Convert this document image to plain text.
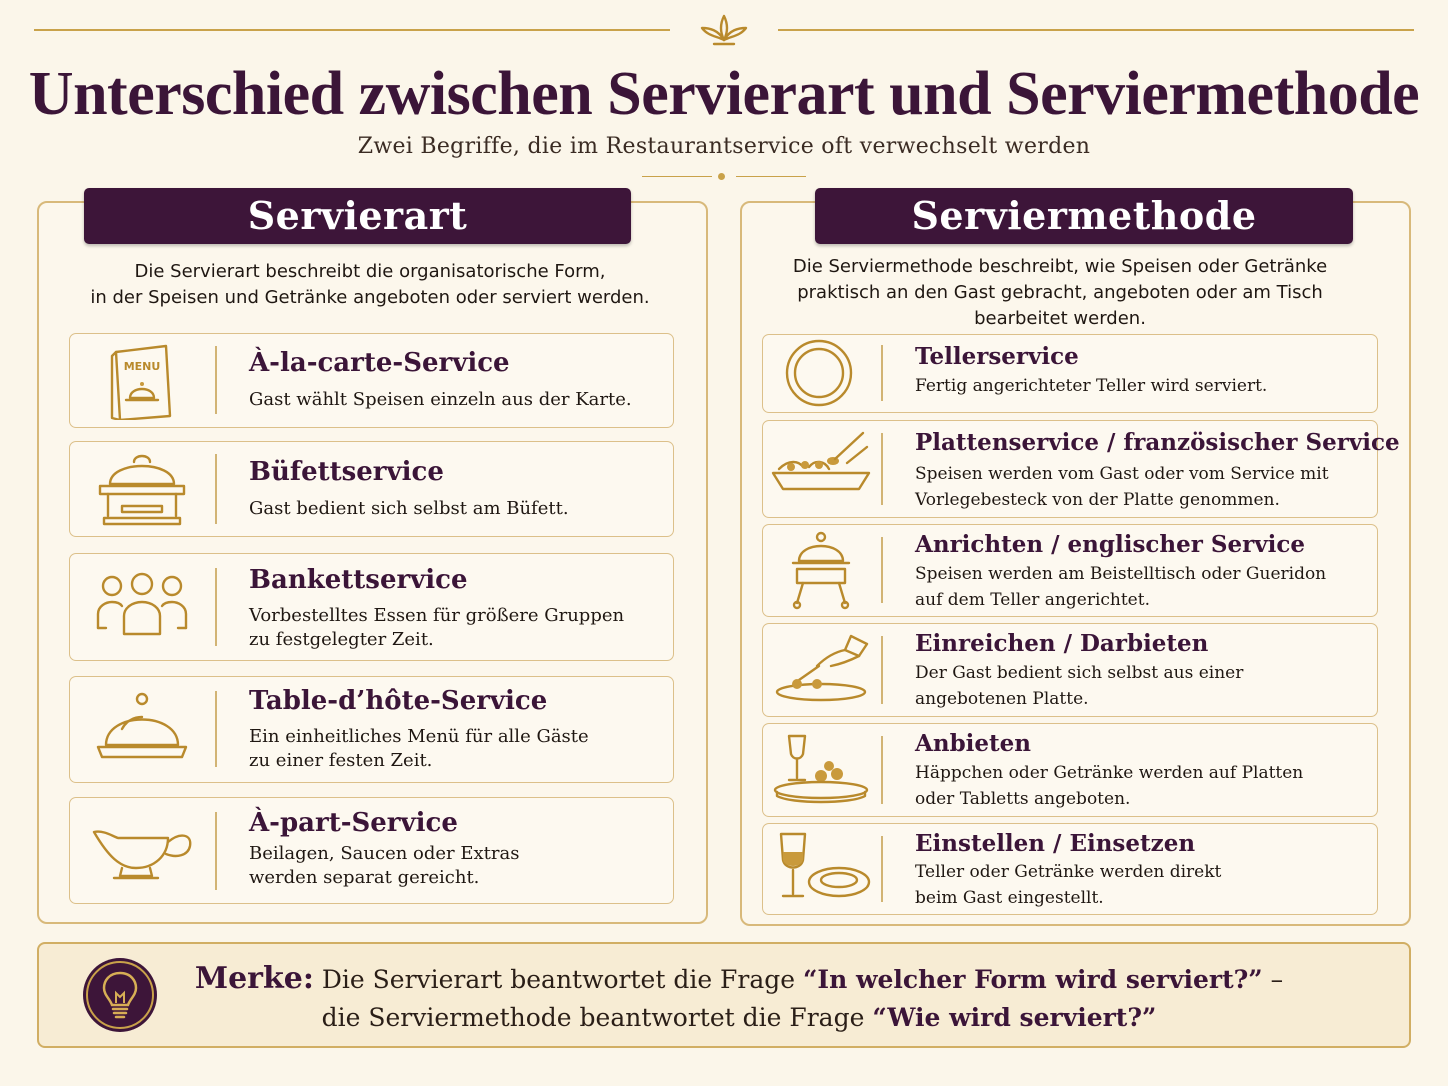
Unterschied zwischen Servierart und Serviermethode
Zwei Begriffe, die im Restaurantservice oft verwechselt werden
Servierart
Die Servierart beschreibt die organisatorische Form,
in der Speisen und Getränke angeboten oder serviert werden.
MENU	À-la-carte-Service
Gast wählt Speisen einzeln aus der Karte.
Büfettservice
Gast bedient sich selbst am Büfett.
Bankettservice
Vorbestelltes Essen für größere Gruppen
zu festgelegter Zeit.
Table-d’hôte-Service
Ein einheitliches Menü für alle Gäste
zu einer festen Zeit.
À-part-Service
Beilagen, Saucen oder Extras
werden separat gereicht.
Serviermethode
Die Serviermethode beschreibt, wie Speisen oder Getränke
praktisch an den Gast gebracht, angeboten oder am Tisch
bearbeitet werden.
Tellerservice
Fertig angerichteter Teller wird serviert.
Plattenservice / französischer Service
Speisen werden vom Gast oder vom Service mit
Vorlegebesteck von der Platte genommen.
Anrichten / englischer Service
Speisen werden am Beistelltisch oder Gueridon
auf dem Teller angerichtet.
Einreichen / Darbieten
Der Gast bedient sich selbst aus einer
angebotenen Platte.
Anbieten
Häppchen oder Getränke werden auf Platten
oder Tabletts angeboten.
Einstellen / Einsetzen
Teller oder Getränke werden direkt
beim Gast eingestellt.
Merke: Die Servierart beantwortet die Frage “In welcher Form wird serviert?” –
die Serviermethode beantwortet die Frage “Wie wird serviert?”
